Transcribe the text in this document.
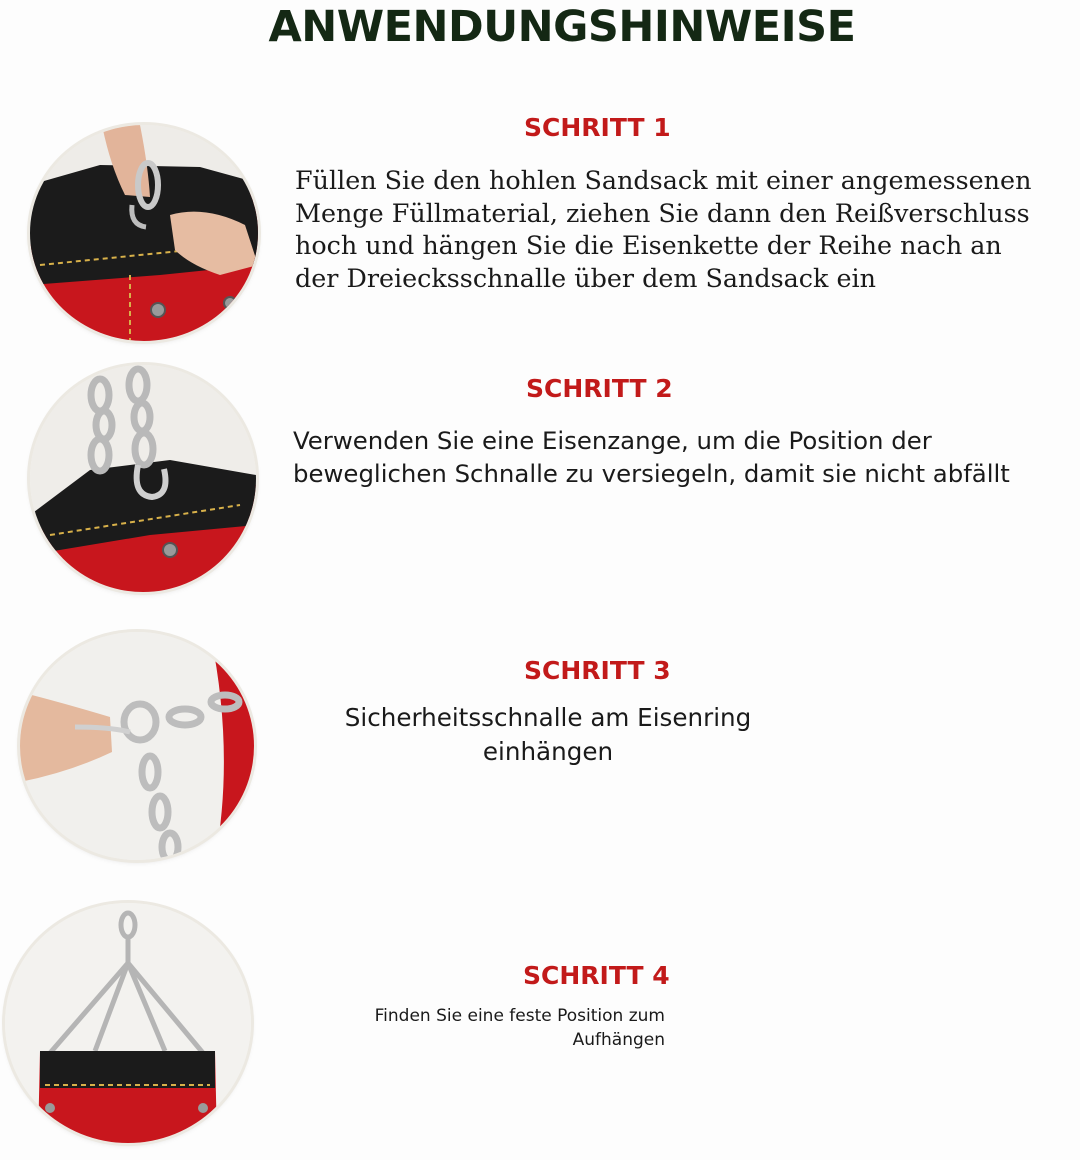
ANWENDUNGSHINWEISE
SCHRITT 1
Füllen Sie den hohlen Sandsack mit einer angemessenen
Menge Füllmaterial, ziehen Sie dann den Reißverschluss
hoch und hängen Sie die Eisenkette der Reihe nach an
der Dreiecksschnalle über dem Sandsack ein
SCHRITT 2
Verwenden Sie eine Eisenzange, um die Position der
beweglichen Schnalle zu versiegeln, damit sie nicht abfällt
SCHRITT 3
Sicherheitsschnalle am Eisenring
einhängen
SCHRITT 4
Finden Sie eine feste Position zum
Aufhängen
